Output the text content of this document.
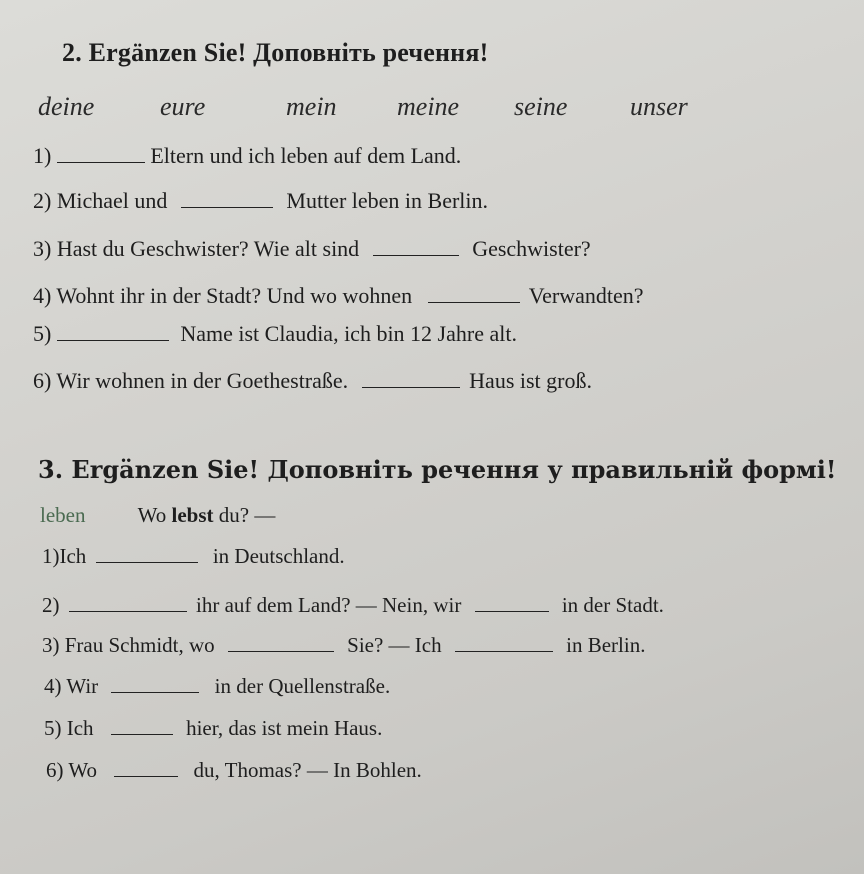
2. Ergänzen Sie! Доповніть речення!
deine	eure	mein meine seine unser
1)	Eltern und ich leben auf dem Land.
2) Michael und	Mutter leben in Berlin.
3) Hast du Geschwister? Wie alt sind	Geschwister?
4) Wohnt ihr in der Stadt? Und wo wohnen	Verwandten?
5)	Name ist Claudia, ich bin 12 Jahre alt.
6) Wir wohnen in der Goethestraße.	Haus ist groß.
3. Ergänzen Sie! Доповніть речення у правильній формі!
leben Wo lebst du? —
1)Ich	in Deutschland.
2)	ihr auf dem Land? — Nein, wir	in der Stadt.
3) Frau Schmidt, wo	Sie? — Ich	in Berlin.
4) Wir	in der Quellenstraße.
5) Ich	hier, das ist mein Haus.
6) Wo	du, Thomas? — In Bohlen.
